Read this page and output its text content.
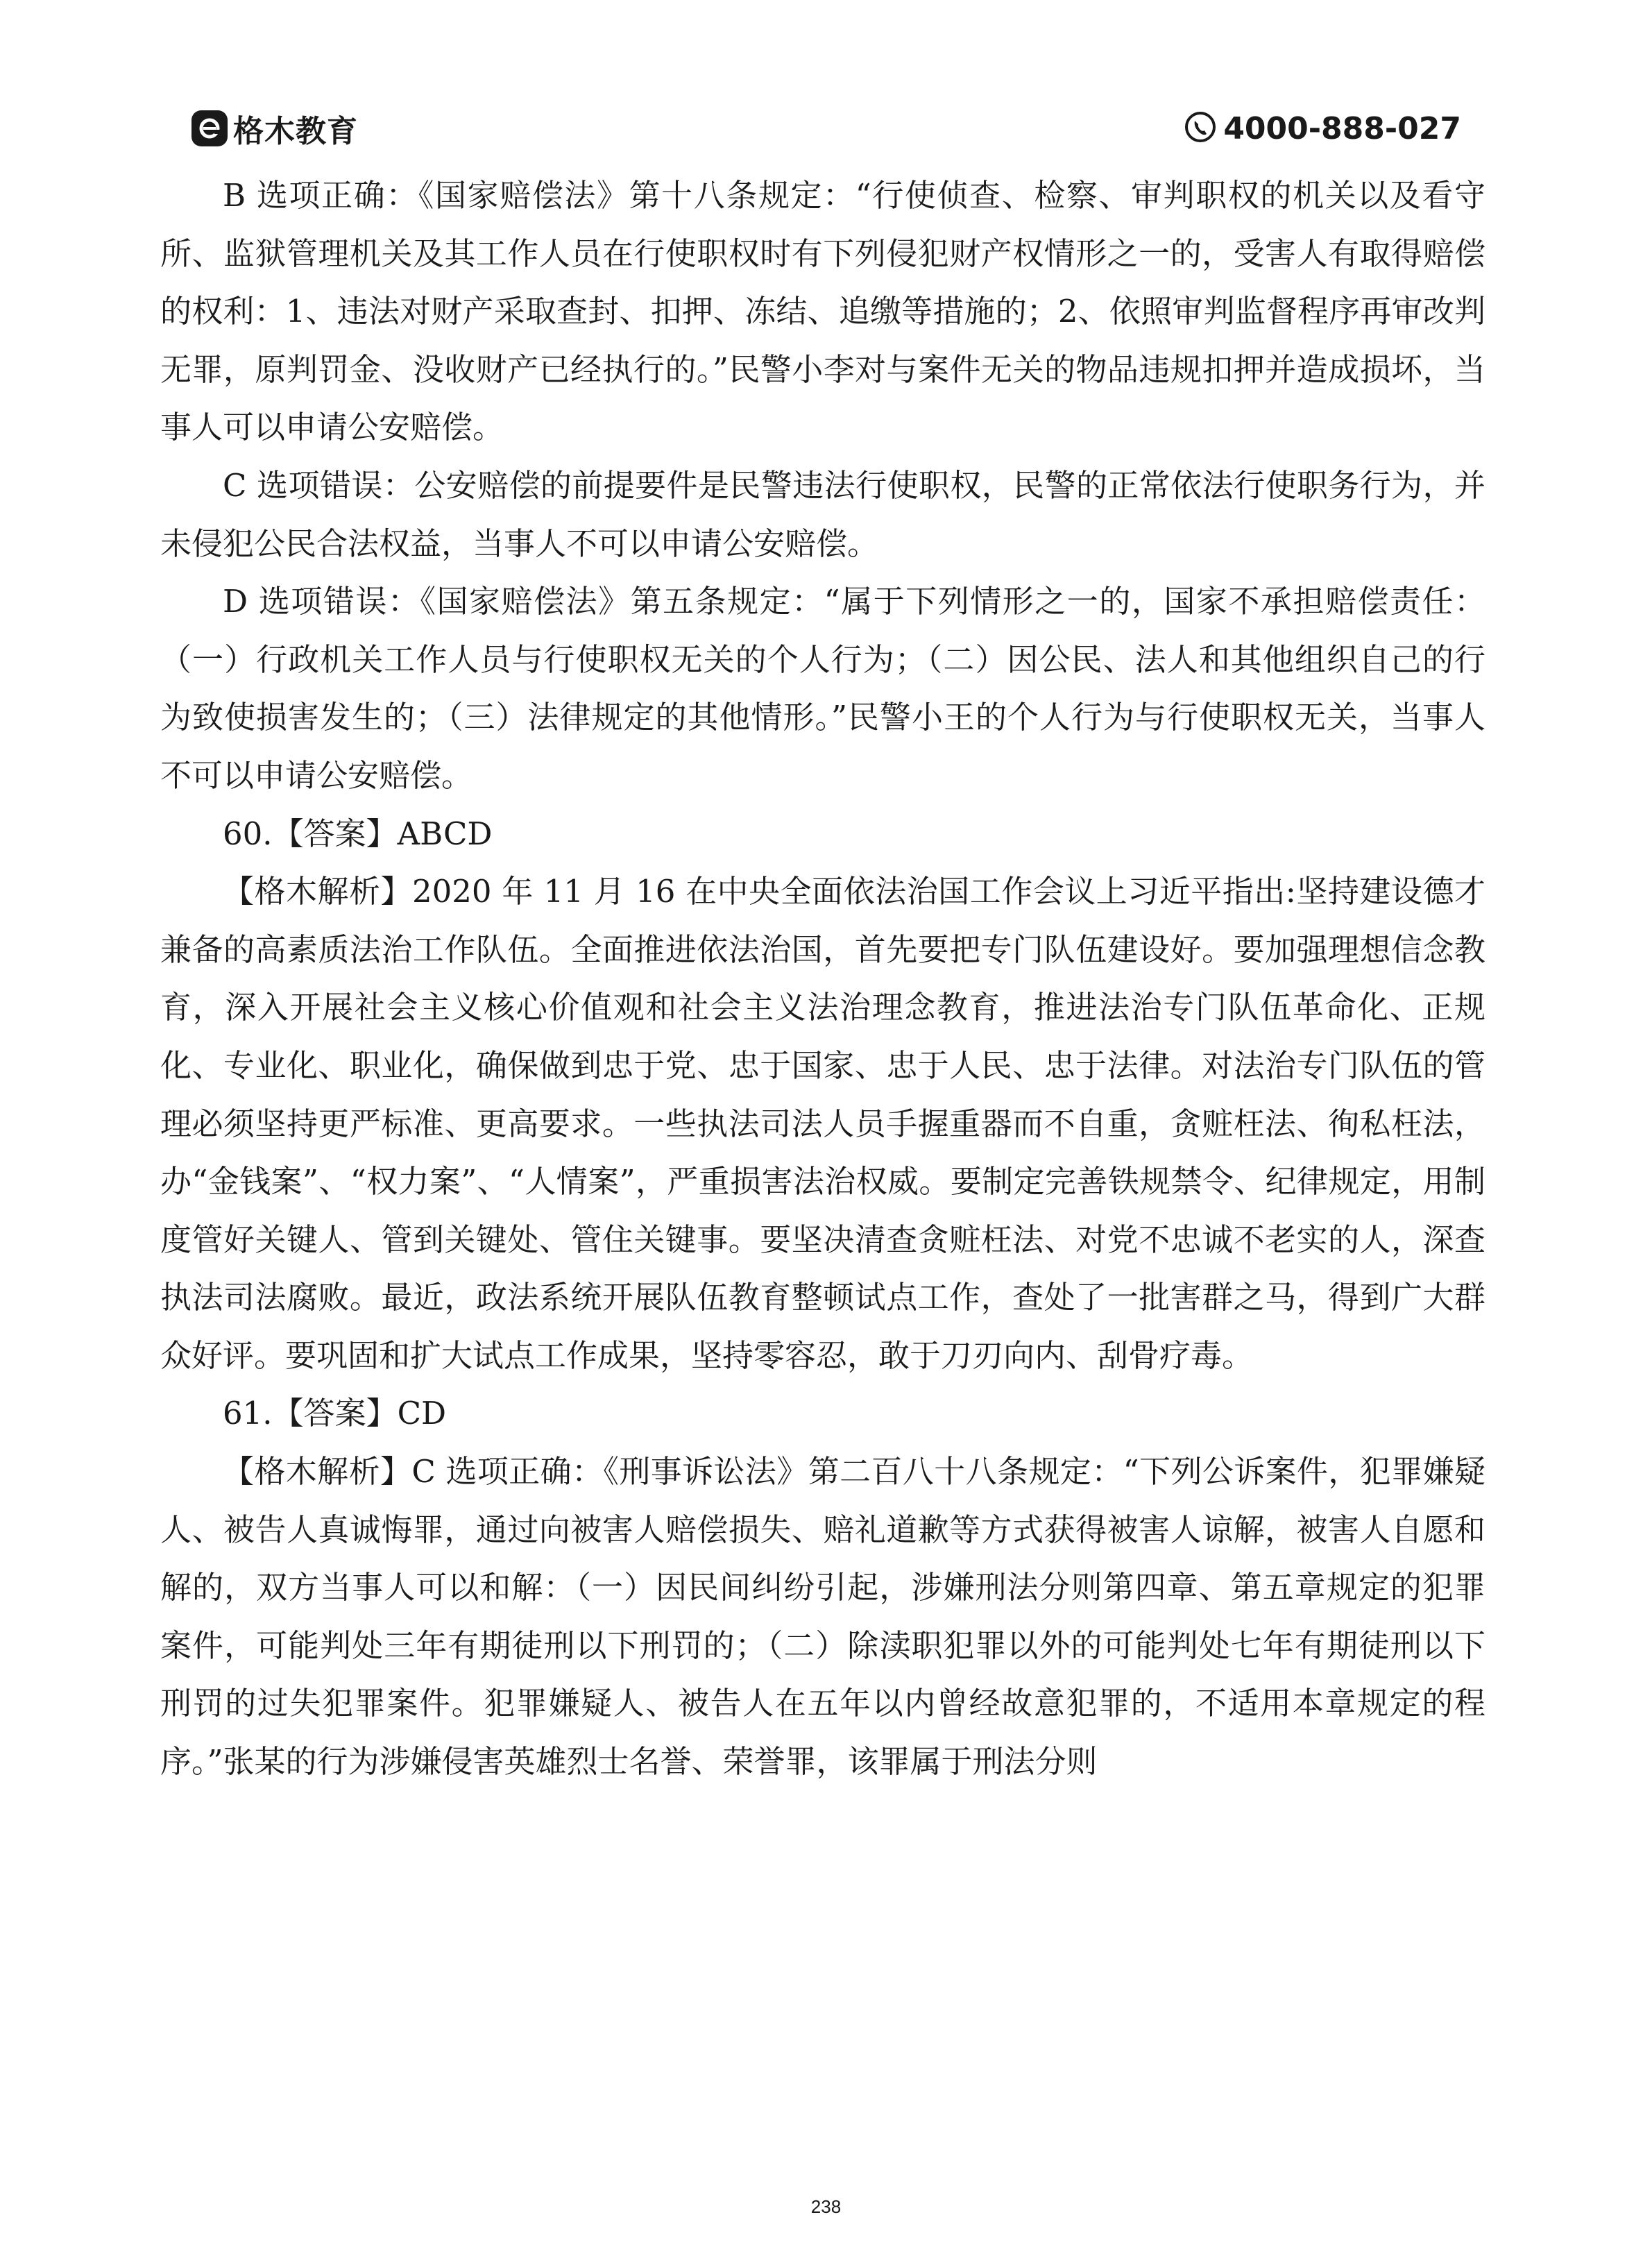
格木教育	4000-888-027

B 选项正确：《国家赔偿法》第十八条规定：“行使侦查、检察、审判职权的机关以及看守所、监狱管理机关及其工作人员在行使职权时有下列侵犯财产权情形之一的，受害人有取得赔偿的权利：1、违法对财产采取查封、扣押、冻结、追缴等措施的；2、依照审判监督程序再审改判无罪，原判罚金、没收财产已经执行的。”民警小李对与案件无关的物品违规扣押并造成损坏，当事人可以申请公安赔偿。

C 选项错误：公安赔偿的前提要件是民警违法行使职权，民警的正常依法行使职务行为，并未侵犯公民合法权益，当事人不可以申请公安赔偿。

D 选项错误：《国家赔偿法》第五条规定：“属于下列情形之一的，国家不承担赔偿责任：（一）行政机关工作人员与行使职权无关的个人行为；（二）因公民、法人和其他组织自己的行为致使损害发生的；（三）法律规定的其他情形。”民警小王的个人行为与行使职权无关，当事人不可以申请公安赔偿。

60.【答案】ABCD

【格木解析】2020 年 11 月 16 在中央全面依法治国工作会议上习近平指出:坚持建设德才兼备的高素质法治工作队伍。全面推进依法治国，首先要把专门队伍建设好。要加强理想信念教育，深入开展社会主义核心价值观和社会主义法治理念教育，推进法治专门队伍革命化、正规化、专业化、职业化，确保做到忠于党、忠于国家、忠于人民、忠于法律。对法治专门队伍的管理必须坚持更严标准、更高要求。一些执法司法人员手握重器而不自重，贪赃枉法、徇私枉法，办“金钱案”、“权力案”、“人情案”，严重损害法治权威。要制定完善铁规禁令、纪律规定，用制度管好关键人、管到关键处、管住关键事。要坚决清查贪赃枉法、对党不忠诚不老实的人，深查执法司法腐败。最近，政法系统开展队伍教育整顿试点工作，查处了一批害群之马，得到广大群众好评。要巩固和扩大试点工作成果，坚持零容忍，敢于刀刃向内、刮骨疗毒。

61.【答案】CD

【格木解析】C 选项正确：《刑事诉讼法》第二百八十八条规定：“下列公诉案件，犯罪嫌疑人、被告人真诚悔罪，通过向被害人赔偿损失、赔礼道歉等方式获得被害人谅解，被害人自愿和解的，双方当事人可以和解：（一）因民间纠纷引起，涉嫌刑法分则第四章、第五章规定的犯罪案件，可能判处三年有期徒刑以下刑罚的；（二）除渎职犯罪以外的可能判处七年有期徒刑以下刑罚的过失犯罪案件。犯罪嫌疑人、被告人在五年以内曾经故意犯罪的，不适用本章规定的程序。”张某的行为涉嫌侵害英雄烈士名誉、荣誉罪，该罪属于刑法分则

238
